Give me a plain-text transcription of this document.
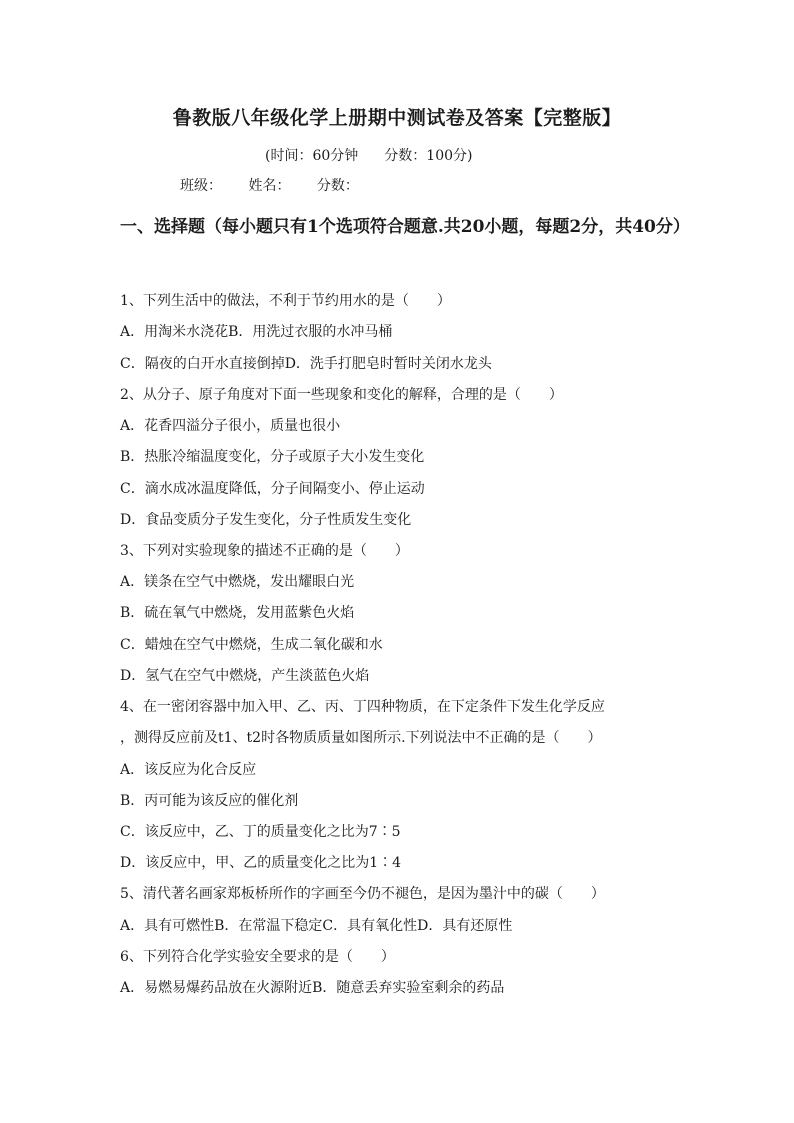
鲁教版八年级化学上册期中测试卷及答案【完整版】
(时间：60分钟 分数：100分)
班级： 姓名： 分数：
一、选择题（每小题只有1个选项符合题意.共20小题，每题2分，共40分）
1、下列生活中的做法，不利于节约用水的是（　　）
A．用淘米水浇花B．用洗过衣服的水冲马桶
C．隔夜的白开水直接倒掉D．洗手打肥皂时暂时关闭水龙头
2、从分子、原子角度对下面一些现象和变化的解释，合理的是（　　）
A．花香四溢分子很小，质量也很小
B．热胀冷缩温度变化，分子或原子大小发生变化
C．滴水成冰温度降低，分子间隔变小、停止运动
D．食品变质分子发生变化，分子性质发生变化
3、下列对实验现象的描述不正确的是（　　）
A．镁条在空气中燃烧，发出耀眼白光
B．硫在氧气中燃烧，发用蓝紫色火焰
C．蜡烛在空气中燃烧，生成二氧化碳和水
D．氢气在空气中燃烧，产生淡蓝色火焰
4、在一密闭容器中加入甲、乙、丙、丁四种物质，在下定条件下发生化学反应
，测得反应前及t1、t2时各物质质量如图所示.下列说法中不正确的是（　　）
A．该反应为化合反应
B．丙可能为该反应的催化剂
C．该反应中，乙、丁的质量变化之比为7∶5
D．该反应中，甲、乙的质量变化之比为1∶4
5、清代著名画家郑板桥所作的字画至今仍不褪色，是因为墨汁中的碳（　　）
A．具有可燃性B．在常温下稳定C．具有氧化性D．具有还原性
6、下列符合化学实验安全要求的是（　　）
A．易燃易爆药品放在火源附近B．随意丢弃实验室剩余的药品
